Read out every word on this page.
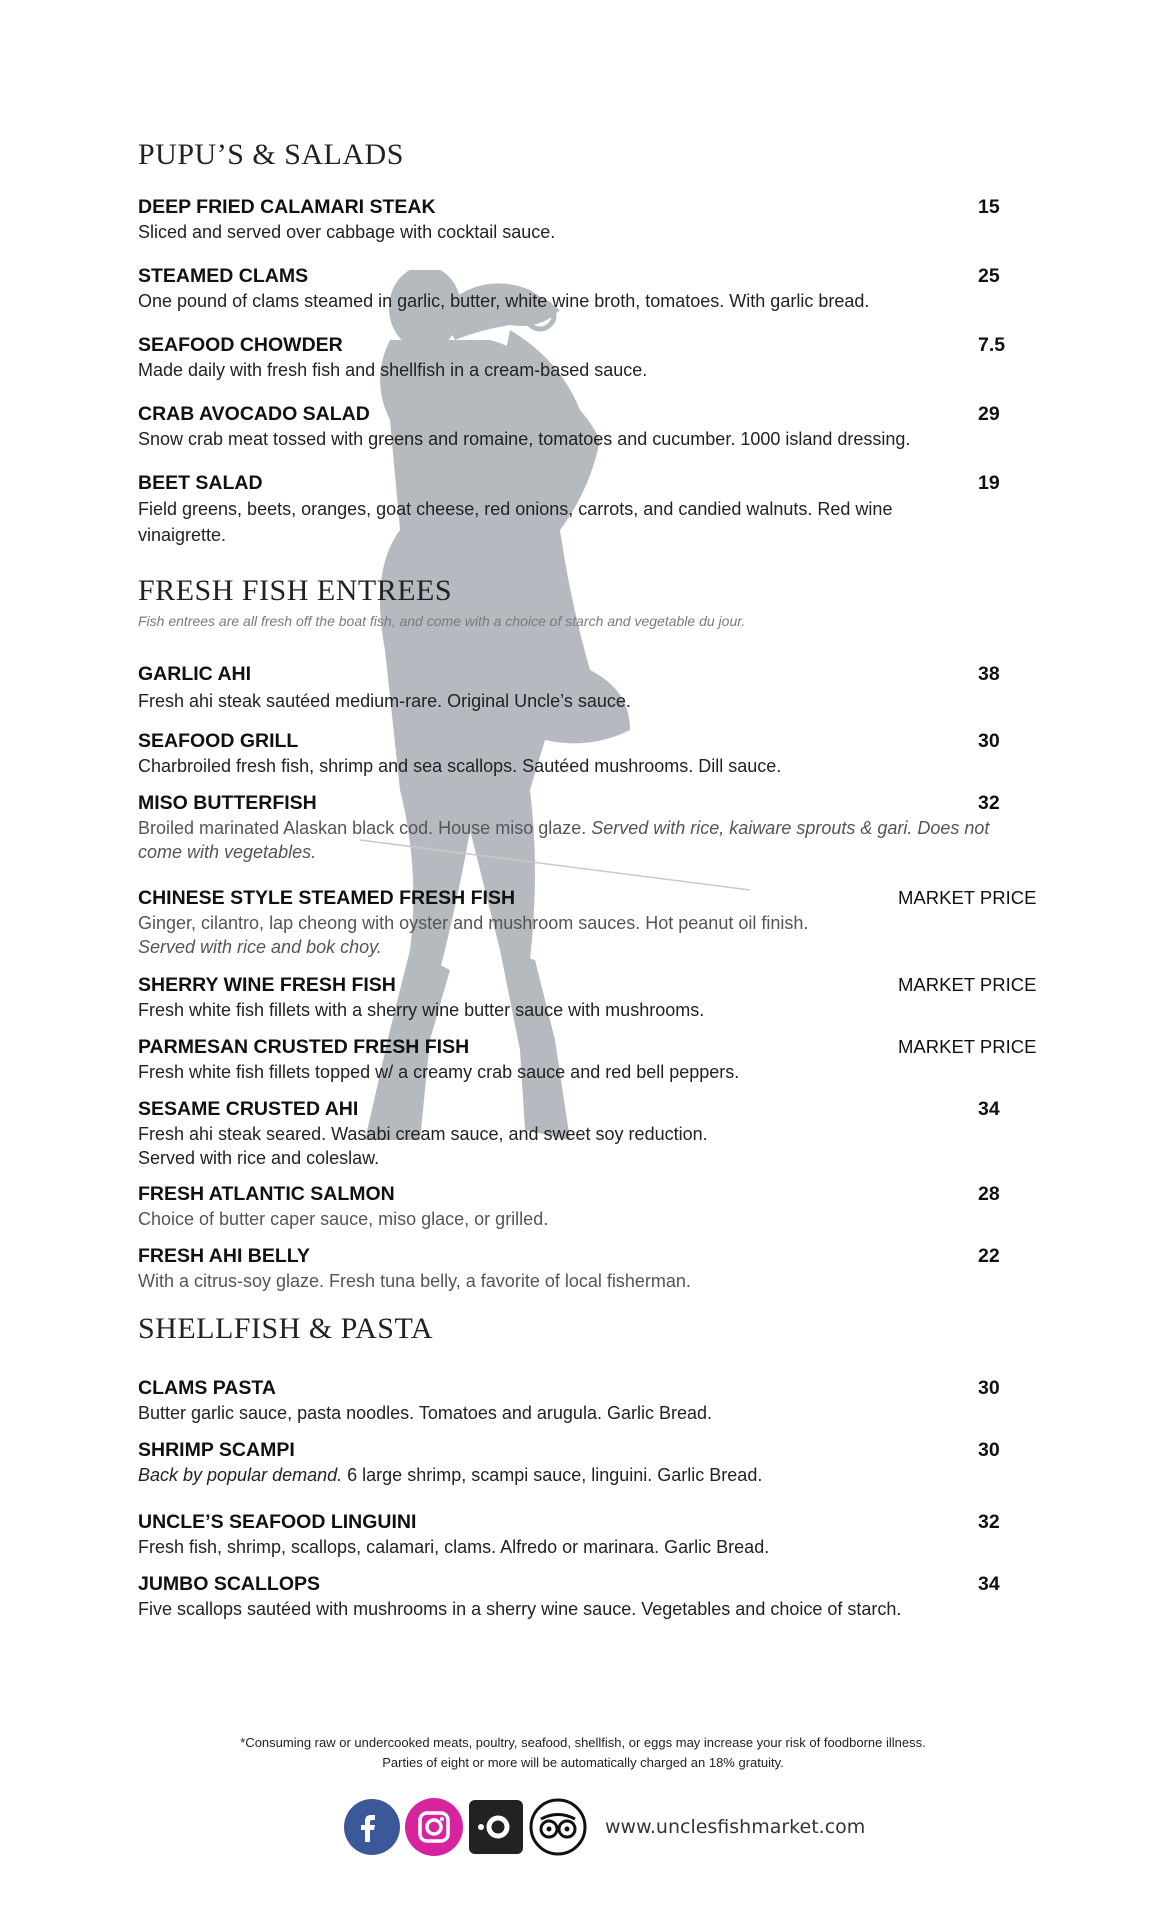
PUPU’S & SALADS
DEEP FRIED CALAMARI STEAK	15
Sliced and served over cabbage with cocktail sauce.
STEAMED CLAMS	25
One pound of clams steamed in garlic, butter, white wine broth, tomatoes. With garlic bread.
SEAFOOD CHOWDER	7.5
Made daily with fresh fish and shellfish in a cream-based sauce.
CRAB AVOCADO SALAD	29
Snow crab meat tossed with greens and romaine, tomatoes and cucumber. 1000 island dressing.
BEET SALAD	19
Field greens, beets, oranges, goat cheese, red onions, carrots, and candied walnuts. Red wine vinaigrette.
FRESH FISH ENTREES
Fish entrees are all fresh off the boat fish, and come with a choice of starch and vegetable du jour.
GARLIC AHI	38
Fresh ahi steak sautéed medium-rare. Original Uncle’s sauce.
SEAFOOD GRILL	30
Charbroiled fresh fish, shrimp and sea scallops. Sautéed mushrooms. Dill sauce.
MISO BUTTERFISH	32
Broiled marinated Alaskan black cod. House miso glaze. Served with rice, kaiware sprouts & gari. Does not come with vegetables.
CHINESE STYLE STEAMED FRESH FISH	MARKET PRICE
Ginger, cilantro, lap cheong with oyster and mushroom sauces. Hot peanut oil finish.
Served with rice and bok choy.
SHERRY WINE FRESH FISH	MARKET PRICE
Fresh white fish fillets with a sherry wine butter sauce with mushrooms.
PARMESAN CRUSTED FRESH FISH	MARKET PRICE
Fresh white fish fillets topped w/ a creamy crab sauce and red bell peppers.
SESAME CRUSTED AHI	34
Fresh ahi steak seared. Wasabi cream sauce, and sweet soy reduction.
Served with rice and coleslaw.
FRESH ATLANTIC SALMON	28
Choice of butter caper sauce, miso glace, or grilled.
FRESH AHI BELLY	22
With a citrus-soy glaze. Fresh tuna belly, a favorite of local fisherman.
SHELLFISH & PASTA
CLAMS PASTA	30
Butter garlic sauce, pasta noodles. Tomatoes and arugula. Garlic Bread.
SHRIMP SCAMPI	30
Back by popular demand. 6 large shrimp, scampi sauce, linguini. Garlic Bread.
UNCLE’S SEAFOOD LINGUINI	32
Fresh fish, shrimp, scallops, calamari, clams. Alfredo or marinara. Garlic Bread.
JUMBO SCALLOPS	34
Five scallops sautéed with mushrooms in a sherry wine sauce. Vegetables and choice of starch.
*Consuming raw or undercooked meats, poultry, seafood, shellfish, or eggs may increase your risk of foodborne illness.
Parties of eight or more will be automatically charged an 18% gratuity.
www.unclesfishmarket.com
